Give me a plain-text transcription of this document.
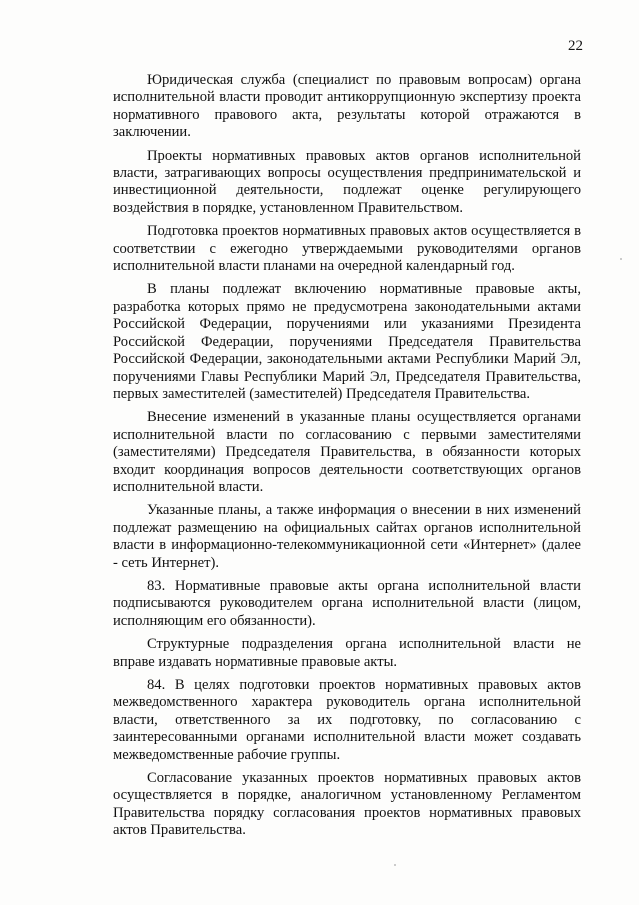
22

Юридическая служба (специалист по правовым вопросам) органа исполнительной власти проводит антикоррупционную экспертизу проекта нормативного правового акта, результаты которой отражаются в заключении.

Проекты нормативных правовых актов органов исполнительной власти, затрагивающих вопросы осуществления предпринимательской и инвестиционной деятельности, подлежат оценке регулирующего воздействия в порядке, установленном Правительством.

Подготовка проектов нормативных правовых актов осуществляется в соответствии с ежегодно утверждаемыми руководителями органов исполнительной власти планами на очередной календарный год.

В планы подлежат включению нормативные правовые акты, разработка которых прямо не предусмотрена законодательными актами Российской Федерации, поручениями или указаниями Президента Российской Федерации, поручениями Председателя Правительства Российской Федерации, законодательными актами Республики Марий Эл, поручениями Главы Республики Марий Эл, Председателя Правительства, первых заместителей (заместителей) Председателя Правительства.

Внесение изменений в указанные планы осуществляется органами исполнительной власти по согласованию с первыми заместителями (заместителями) Председателя Правительства, в обязанности которых входит координация вопросов деятельности соответствующих органов исполнительной власти.

Указанные планы, а также информация о внесении в них изменений подлежат размещению на официальных сайтах органов исполнительной власти в информационно-телекоммуникационной сети «Интернет» (далее - сеть Интернет).

83. Нормативные правовые акты органа исполнительной власти подписываются руководителем органа исполнительной власти (лицом, исполняющим его обязанности).

Структурные подразделения органа исполнительной власти не вправе издавать нормативные правовые акты.

84. В целях подготовки проектов нормативных правовых актов межведомственного характера руководитель органа исполнительной власти, ответственного за их подготовку, по согласованию с заинтересованными органами исполнительной власти может создавать межведомственные рабочие группы.

Согласование указанных проектов нормативных правовых актов осуществляется в порядке, аналогичном установленному Регламентом Правительства порядку согласования проектов нормативных правовых актов Правительства.
